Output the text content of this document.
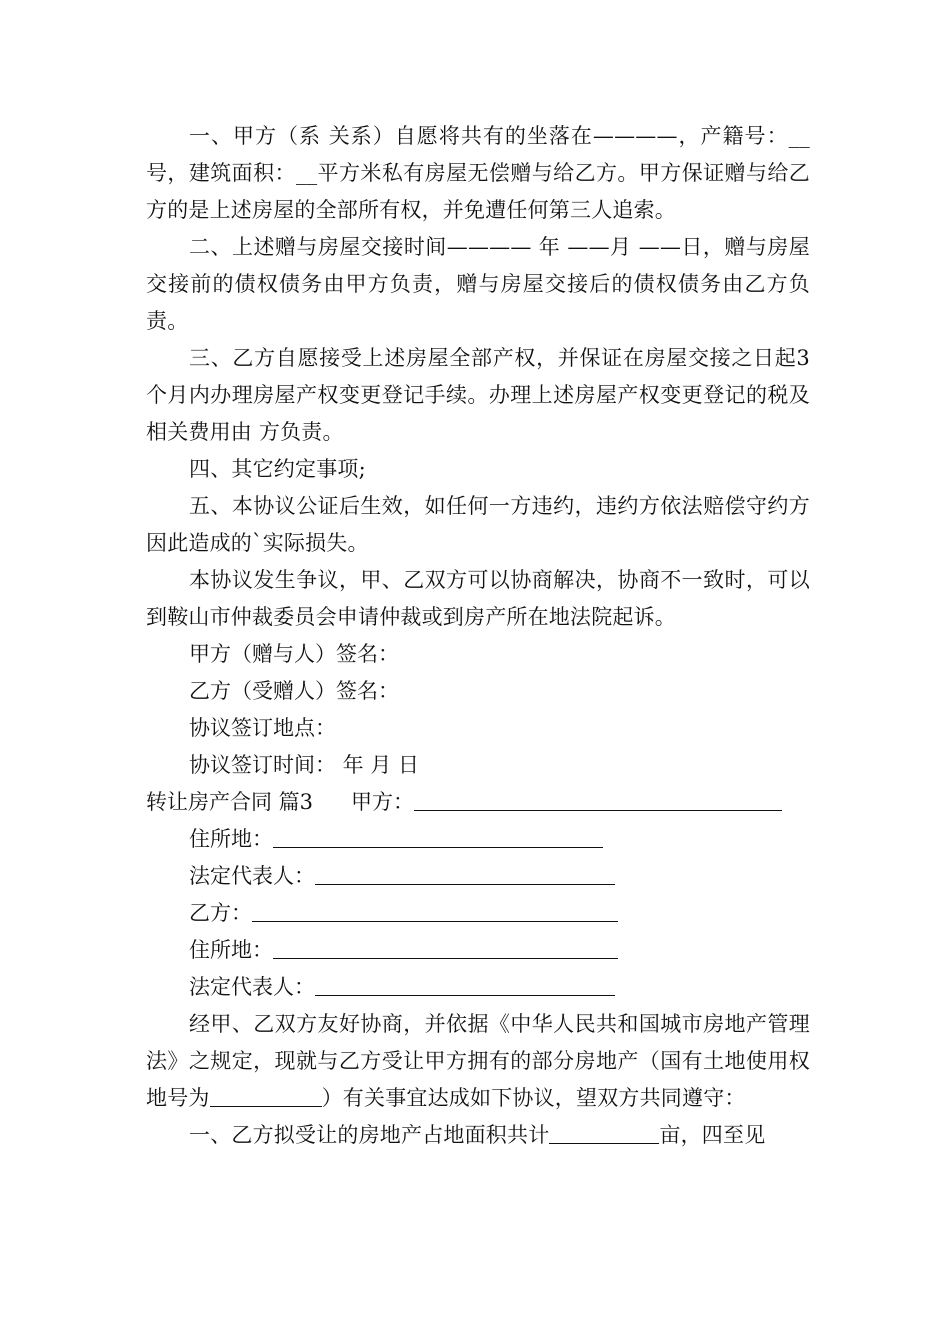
一、甲方（系 关系）自愿将共有的坐落在————，产籍号：__号，建筑面积：__平方米私有房屋无偿赠与给乙方。甲方保证赠与给乙方的是上述房屋的全部所有权，并免遭任何第三人追索。

二、上述赠与房屋交接时间———— 年 ——月 ——日，赠与房屋交接前的债权债务由甲方负责，赠与房屋交接后的债权债务由乙方负责。

三、乙方自愿接受上述房屋全部产权，并保证在房屋交接之日起3个月内办理房屋产权变更登记手续。办理上述房屋产权变更登记的税及相关费用由 方负责。

四、其它约定事项;

五、本协议公证后生效，如任何一方违约，违约方依法赔偿守约方因此造成的`实际损失。

本协议发生争议，甲、乙双方可以协商解决，协商不一致时，可以到鞍山市仲裁委员会申请仲裁或到房产所在地法院起诉。

甲方（赠与人）签名：

乙方（受赠人）签名：

协议签订地点：

协议签订时间： 年 月 日

转让房产合同 篇3 甲方：

住所地：

法定代表人：

乙方：

住所地：

法定代表人：

经甲、乙双方友好协商，并依据《中华人民共和国城市房地产管理法》之规定，现就与乙方受让甲方拥有的部分房地产（国有土地使用权地号为	）有关事宜达成如下协议，望双方共同遵守：

一、乙方拟受让的房地产占地面积共计	亩，四至见
